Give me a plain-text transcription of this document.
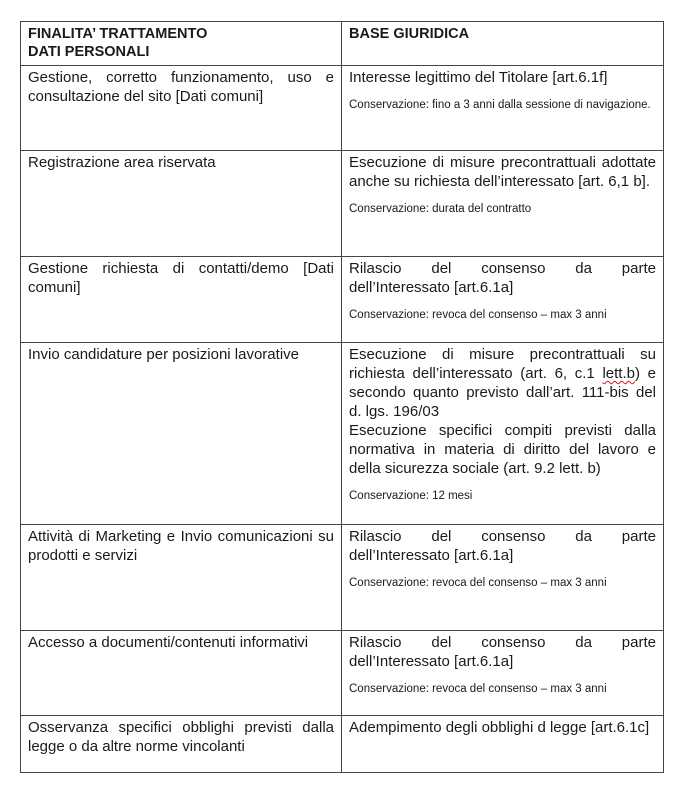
FINALITA’ TRATTAMENTO
DATI PERSONALI	BASE GIURIDICA
Gestione, corretto funzionamento, uso e consultazione del sito [Dati comuni]	Interesse legittimo del Titolare [art.6.1f]
Conservazione: fino a 3 anni dalla sessione di navigazione.

Registrazione area riservata	Esecuzione di misure precontrattuali adottate anche su richiesta dell’interessato [art. 6,1 b].
Conservazione: durata del contratto

Gestione richiesta di contatti/demo [Dati comuni]	Rilascio del consenso da parte dell’Interessato [art.6.1a]
Conservazione: revoca del consenso – max 3 anni

Invio candidature per posizioni lavorative	Esecuzione di misure precontrattuali su richiesta dell’interessato (art. 6, c.1 lett.b) e secondo quanto previsto dall’art. 111-bis del d. lgs. 196/03
Esecuzione specifici compiti previsti dalla normativa in materia di diritto del lavoro e della sicurezza sociale (art. 9.2 lett. b)
Conservazione: 12 mesi

Attività di Marketing e Invio comunicazioni su prodotti e servizi	Rilascio del consenso da parte dell’Interessato [art.6.1a]
Conservazione: revoca del consenso – max 3 anni

Accesso a documenti/contenuti informativi	Rilascio del consenso da parte dell’Interessato [art.6.1a]
Conservazione: revoca del consenso – max 3 anni

Osservanza specifici obblighi previsti dalla legge o da altre norme vincolanti	Adempimento degli obblighi d legge [art.6.1c]
